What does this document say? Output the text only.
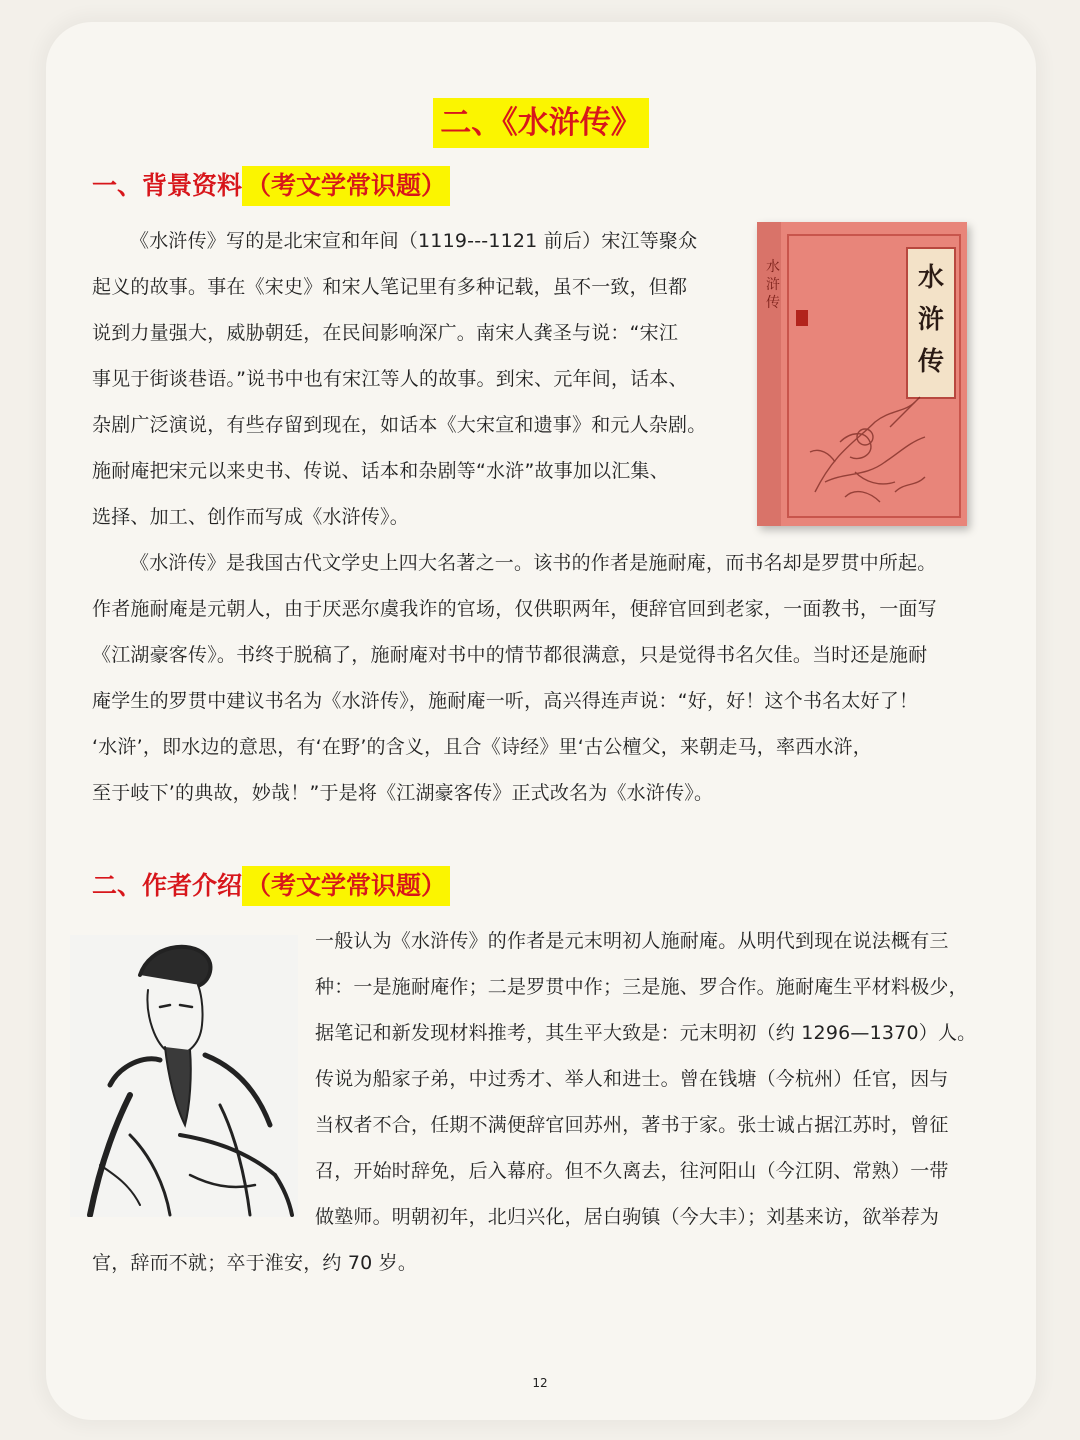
二、《水浒传》
一、背景资料 （考文学常识题）
《水浒传》写的是北宋宣和年间（1119---1121 前后）宋江等聚众
起义的故事。事在《宋史》和宋人笔记里有多种记载，虽不一致，但都
说到力量强大，威胁朝廷，在民间影响深广。南宋人龚圣与说：“宋江
事见于街谈巷语。”说书中也有宋江等人的故事。到宋、元年间，话本、
杂剧广泛演说，有些存留到现在，如话本《大宋宣和遗事》和元人杂剧。
施耐庵把宋元以来史书、传说、话本和杂剧等“水浒”故事加以汇集、
选择、加工、创作而写成《水浒传》。
水浒传
水浒传
《水浒传》是我国古代文学史上四大名著之一。该书的作者是施耐庵，而书名却是罗贯中所起。
作者施耐庵是元朝人，由于厌恶尔虞我诈的官场，仅供职两年，便辞官回到老家，一面教书，一面写
《江湖豪客传》。书终于脱稿了，施耐庵对书中的情节都很满意，只是觉得书名欠佳。当时还是施耐
庵学生的罗贯中建议书名为《水浒传》，施耐庵一听，高兴得连声说：“好，好！这个书名太好了！
‘水浒’，即水边的意思，有‘在野’的含义，且合《诗经》里‘古公檀父，来朝走马，率西水浒，
至于岐下’的典故，妙哉！”于是将《江湖豪客传》正式改名为《水浒传》。
二、作者介绍 （考文学常识题）
一般认为《水浒传》的作者是元末明初人施耐庵。从明代到现在说法概有三
种：一是施耐庵作；二是罗贯中作；三是施、罗合作。施耐庵生平材料极少，
据笔记和新发现材料推考，其生平大致是：元末明初（约 1296—1370）人。
传说为船家子弟，中过秀才、举人和进士。曾在钱塘（今杭州）任官，因与
当权者不合，任期不满便辞官回苏州，著书于家。张士诚占据江苏时，曾征
召，开始时辞免，后入幕府。但不久离去，往河阳山（今江阴、常熟）一带
做塾师。明朝初年，北归兴化，居白驹镇（今大丰）；刘基来访，欲举荐为
官，辞而不就；卒于淮安，约 70 岁。
12
